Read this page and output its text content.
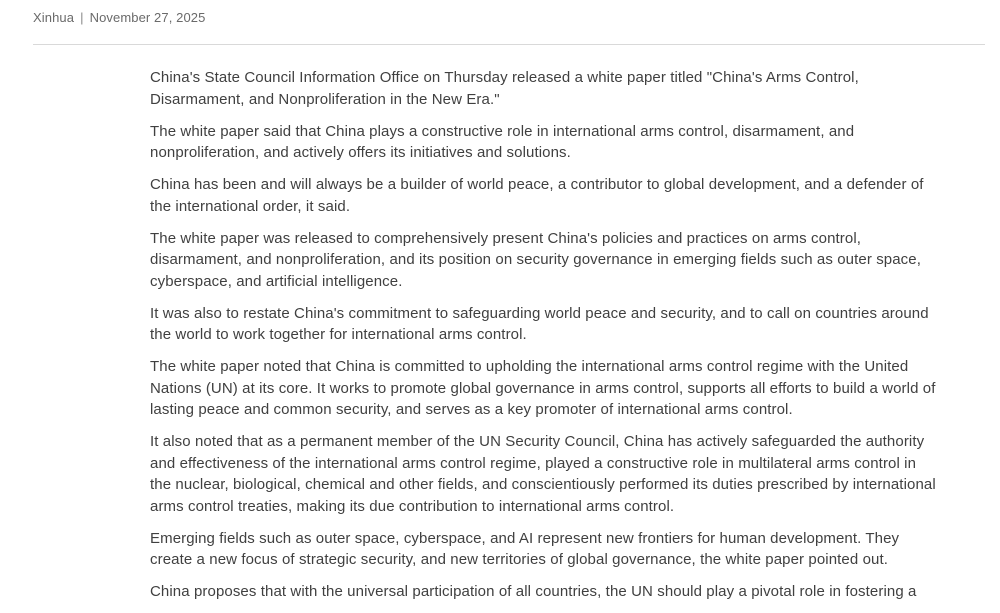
Xinhua | November 27, 2025

China's State Council Information Office on Thursday released a white paper titled "China's Arms Control, Disarmament, and Nonproliferation in the New Era."

The white paper said that China plays a constructive role in international arms control, disarmament, and nonproliferation, and actively offers its initiatives and solutions.

China has been and will always be a builder of world peace, a contributor to global development, and a defender of the international order, it said.

The white paper was released to comprehensively present China's policies and practices on arms control, disarmament, and nonproliferation, and its position on security governance in emerging fields such as outer space, cyberspace, and artificial intelligence.

It was also to restate China's commitment to safeguarding world peace and security, and to call on countries around the world to work together for international arms control.

The white paper noted that China is committed to upholding the international arms control regime with the United Nations (UN) at its core. It works to promote global governance in arms control, supports all efforts to build a world of lasting peace and common security, and serves as a key promoter of international arms control.

It also noted that as a permanent member of the UN Security Council, China has actively safeguarded the authority and effectiveness of the international arms control regime, played a constructive role in multilateral arms control in the nuclear, biological, chemical and other fields, and conscientiously performed its duties prescribed by international arms control treaties, making its due contribution to international arms control.

Emerging fields such as outer space, cyberspace, and AI represent new frontiers for human development. They create a new focus of strategic security, and new territories of global governance, the white paper pointed out.

China proposes that with the universal participation of all countries, the UN should play a pivotal role in fostering a
